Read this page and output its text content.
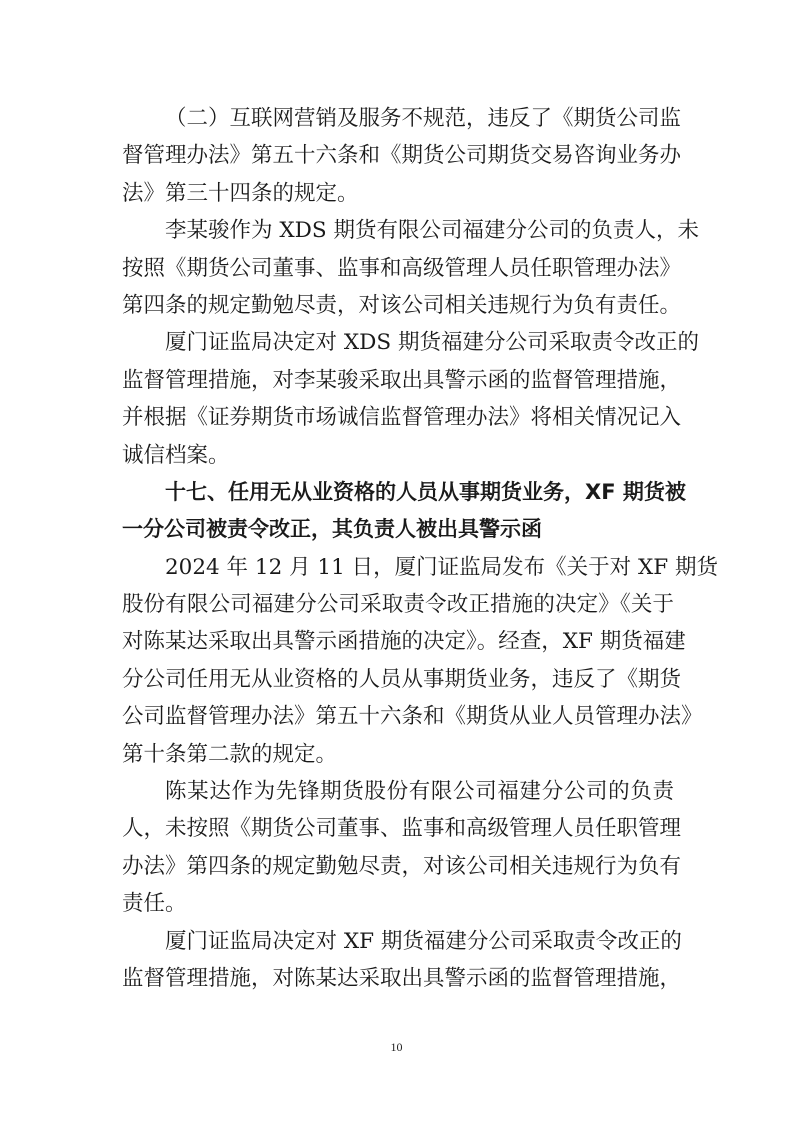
（二）互联网营销及服务不规范，违反了《期货公司监
督管理办法》第五十六条和《期货公司期货交易咨询业务办
法》第三十四条的规定。
李某骏作为 XDS 期货有限公司福建分公司的负责人，未
按照《期货公司董事、监事和高级管理人员任职管理办法》
第四条的规定勤勉尽责，对该公司相关违规行为负有责任。
厦门证监局决定对 XDS 期货福建分公司采取责令改正的
监督管理措施，对李某骏采取出具警示函的监督管理措施，
并根据《证券期货市场诚信监督管理办法》将相关情况记入
诚信档案。
十七、任用无从业资格的人员从事期货业务，XF 期货被
一分公司被责令改正，其负责人被出具警示函
2024 年 12 月 11 日，厦门证监局发布《关于对 XF 期货
股份有限公司福建分公司采取责令改正措施的决定》《关于
对陈某达采取出具警示函措施的决定》。经查，XF 期货福建
分公司任用无从业资格的人员从事期货业务，违反了《期货
公司监督管理办法》第五十六条和《期货从业人员管理办法》
第十条第二款的规定。
陈某达作为先锋期货股份有限公司福建分公司的负责
人，未按照《期货公司董事、监事和高级管理人员任职管理
办法》第四条的规定勤勉尽责，对该公司相关违规行为负有
责任。
厦门证监局决定对 XF 期货福建分公司采取责令改正的
监督管理措施，对陈某达采取出具警示函的监督管理措施，
10
